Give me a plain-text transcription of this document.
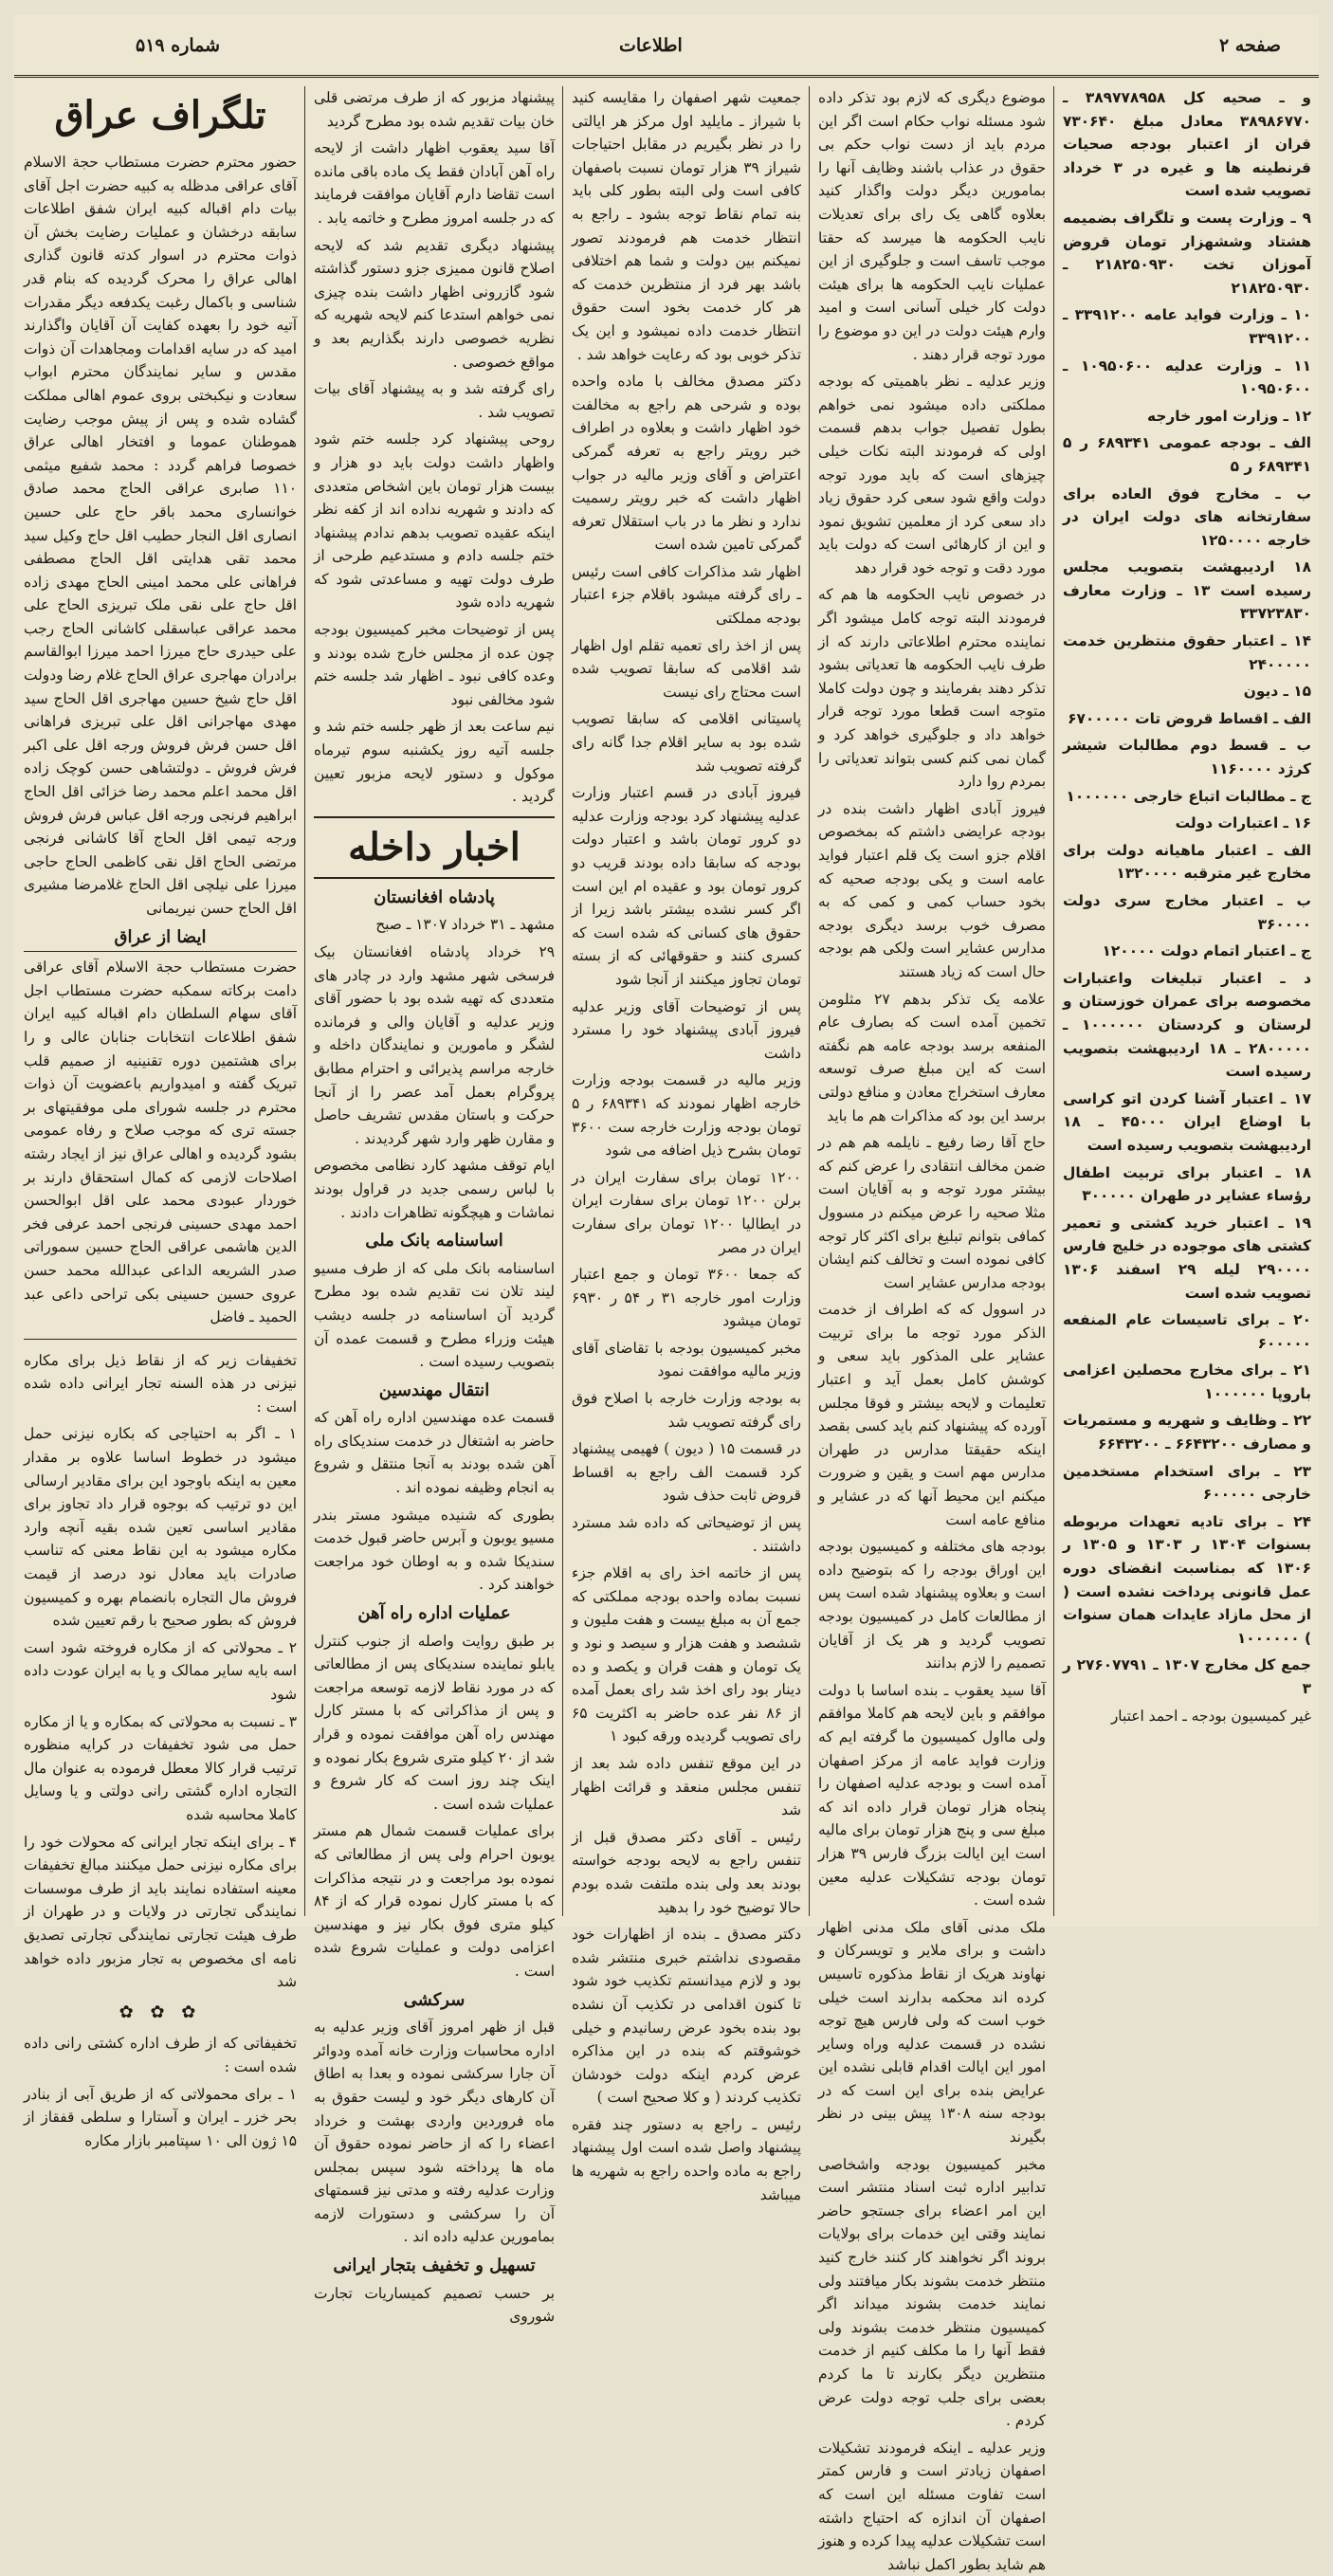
صفحه ۲
اطلاعات
شماره ۵۱۹

و ـ صحیه کل ۳۸۹۷۷۸۹۵۸ ـ ۳۸۹۸۶۷۷۰ معادل مبلغ ۷۳۰۶۴۰ قران از اعتبار بودجه صحیات قرنطینه ها و غیره در ۳ خرداد تصویب شده است

۹ ـ وزارت پست و تلگراف بضمیمه هشتاد وششهزار تومان قروض آموزان تخت ۲۱۸۲۵۰۹۳۰ ـ ۲۱۸۲۵۰۹۳۰

۱۰ ـ وزارت فواید عامه ۳۳۹۱۲۰۰ ـ ۳۳۹۱۲۰۰

۱۱ ـ وزارت عدلیه ۱۰۹۵۰۶۰۰ ـ ۱۰۹۵۰۶۰۰

۱۲ ـ وزارت امور خارجه

الف ـ بودجه عمومی ۶۸۹۳۴۱ ر ۵ ۶۸۹۳۴۱ ر ۵

ب ـ مخارج فوق العاده برای سفارتخانه های دولت ایران در خارجه ۱۲۵۰۰۰۰

۱۸ اردیبهشت بتصویب مجلس رسیده است ۱۳ ـ وزارت معارف ۳۳۷۲۳۸۳۰

۱۴ ـ اعتبار حقوق منتظرین خدمت ۲۴۰۰۰۰۰

۱۵ ـ دیون

الف ـ اقساط قروض تات ۶۷۰۰۰۰۰

ب ـ قسط دوم مطالبات شیشر کرژد ۱۱۶۰۰۰۰

ج ـ مطالبات اتباع خارجی ۱۰۰۰۰۰۰

۱۶ ـ اعتبارات دولت

الف ـ اعتبار ماهیانه دولت برای مخارج غیر مترقبه ۱۳۲۰۰۰۰

ب ـ اعتبار مخارج سری دولت ۳۶۰۰۰۰

ج ـ اعتبار اتمام دولت ۱۲۰۰۰۰

د ـ اعتبار تبلیغات واعتبارات مخصوصه برای عمران خوزستان و لرستان و کردستان ۱۰۰۰۰۰۰ ـ ۲۸۰۰۰۰۰ ـ ۱۸ اردیبهشت بتصویب رسیده است

۱۷ ـ اعتبار آشنا کردن اتو کراسی با اوضاع ایران ۴۵۰۰۰ ـ ۱۸ اردیبهشت بتصویب رسیده است

۱۸ ـ اعتبار برای تربیت اطفال رؤساء عشایر در طهران ۳۰۰۰۰۰

۱۹ ـ اعتبار خرید کشتی و تعمیر کشتی های موجوده در خلیج فارس ۲۹۰۰۰۰ لیله ۲۹ اسفند ۱۳۰۶ تصویب شده است

۲۰ ـ برای تاسیسات عام المنفعه ۶۰۰۰۰۰

۲۱ ـ برای مخارج محصلین اعزامی باروپا ۱۰۰۰۰۰۰

۲۲ ـ وظایف و شهریه و مستمریات و مصارف ۶۶۴۳۲۰۰ ـ ۶۶۴۳۲۰۰

۲۳ ـ برای استخدام مستخدمین خارجی ۶۰۰۰۰۰

۲۴ ـ برای تادیه تعهدات مربوطه بسنوات ۱۳۰۴ ر ۱۳۰۳ و ۱۳۰۵ ر ۱۳۰۶ که بمناسبت انقضای دوره عمل قانونی پرداخت نشده است ( از محل مازاد عایدات همان سنوات ) ۱۰۰۰۰۰۰

جمع کل مخارج ۱۳۰۷ ـ ۲۷۶۰۷۷۹۱ ر ۳

غیر کمیسیون بودجه ـ احمد اعتبار

موضوع دیگری که لازم بود تذکر داده شود مسئله نواب حکام است اگر این مردم باید از دست نواب حکم بی حقوق در عذاب باشند وظایف آنها را بمامورین دیگر دولت واگذار کنید بعلاوه گاهی یک رای برای تعدیلات نایب الحکومه ها میرسد که حقتا موجب تاسف است و جلوگیری از این عملیات نایب الحکومه ها برای هیئت دولت کار خیلی آسانی است و امید وارم هیئت دولت در این دو موضوع را مورد توجه قرار دهند .

وزیر عدلیه ـ نظر باهمیتی که بودجه مملکتی داده میشود نمی خواهم بطول تفصیل جواب بدهم قسمت اولی که فرمودند البته نکات خیلی چیزهای است که باید مورد توجه دولت واقع شود سعی کرد حقوق زیاد داد سعی کرد از معلمین تشویق نمود و این از کارهائی است که دولت باید مورد دقت و توجه خود قرار دهد

در خصوص نایب الحکومه ها هم که فرمودند البته توجه کامل میشود اگر نماینده محترم اطلاعاتی دارند که از طرف نایب الحکومه ها تعدیاتی بشود تذکر دهند بفرمایند و چون دولت کاملا متوجه است قطعا مورد توجه قرار خواهد داد و جلوگیری خواهد کرد و گمان نمی کنم کسی بتواند تعدیاتی را بمردم روا دارد

فیروز آبادی اظهار داشت بنده در بودجه عرایضی داشتم که بمخصوص اقلام جزو است یک قلم اعتبار فواید عامه است و یکی بودجه صحیه که بخود حساب کمی و کمی که به مصرف خوب برسد دیگری بودجه مدارس عشایر است ولکی هم بودجه حال است که زیاد هستند

علامه یک تذکر بدهم ۲۷ مثلومن تخمین آمده است که بصارف عام المنفعه برسد بودجه عامه هم نگفته است که این مبلغ صرف توسعه معارف استخراج معادن و منافع دولتی برسد این بود که مذاکرات هم ما باید

حاج آقا رضا رفیع ـ نایلمه هم هم در ضمن مخالف انتقادی را عرض کنم که بیشتر مورد توجه و به آقایان است مثلا صحیه را عرض میکنم در مسوول کمافی بتوانم تبلیغ برای اکثر کار توجه کافی نموده است و تخالف کنم ایشان بودجه مدارس عشایر است

در اسوول که که اطراف از خدمت الذکر مورد توجه ما برای تربیت عشایر علی المذکور باید سعی و کوشش کامل بعمل آید و اعتبار تعلیمات و لایحه بیشتر و فوقا مجلس آورده که پیشنهاد کنم باید کسی بقصد اینکه حقیقتا مدارس در طهران مدارس مهم است و یقین و ضرورت میکنم این محیط آنها که در عشایر و منافع عامه است

بودجه های مختلفه و کمیسیون بودجه این اوراق بودجه را که بتوضیح داده است و بعلاوه پیشنهاد شده است پس از مطالعات کامل در کمیسیون بودجه تصویب گردید و هر یک از آقایان تصمیم را لازم بدانند

آقا سید یعقوب ـ بنده اساسا با دولت موافقم و باین لایحه هم کاملا موافقم ولی مااول کمیسیون ما گرفته ایم که وزارت فواید عامه از مرکز اصفهان آمده است و بودجه عدلیه اصفهان را پنجاه هزار تومان قرار داده اند که مبلغ سی و پنج هزار تومان برای مالیه است این ایالت بزرگ فارس ۳۹ هزار تومان بودجه تشکیلات عدلیه معین شده است .

ملک مدنی آقای ملک مدنی اظهار داشت و برای ملایر و تویسرکان و نهاوند هریک از نقاط مذکوره تاسیس کرده اند محکمه بدارند است خیلی خوب است که ولی فارس هیچ توجه نشده در قسمت عدلیه وراه وسایر امور این ایالت اقدام قابلی نشده این عرایض بنده برای این است که در بودجه سنه ۱۳۰۸ پیش بینی در نظر بگیرند

مخبر کمیسیون بودجه واشخاصی تدابیر اداره ثبت اسناد منتشر است این امر اعضاء برای جستجو حاضر نمایند وقتی این خدمات برای بولایات بروند اگر نخواهند کار کنند خارج کنید منتظر خدمت بشوند بکار میافتند ولی نمایند خدمت بشوند میداند اگر کمیسیون منتظر خدمت بشوند ولی فقط آنها را ما مکلف کنیم از خدمت منتظرین دیگر بکارند تا ما کردم بعضی برای جلب توجه دولت عرض کردم .

وزیر عدلیه ـ اینکه فرمودند تشکیلات اصفهان زیادتر است و فارس کمتر است تفاوت مسئله این است که اصفهان آن اندازه که احتیاج داشته است تشکیلات عدلیه پیدا کرده و هنوز هم شاید بطور اکمل نباشد

جمعیت شهر اصفهان را مقایسه کنید با شیراز ـ مایلید اول مرکز هر ایالتی را در نظر بگیریم در مقابل احتیاجات شیراز ۳۹ هزار تومان نسبت باصفهان کافی است ولی البته بطور کلی باید بنه تمام نقاط توجه بشود ـ راجع به انتظار خدمت هم فرمودند تصور نمیکنم بین دولت و شما هم اختلافی باشد بهر فرد از منتظرین خدمت که هر کار خدمت بخود است حقوق انتظار خدمت داده نمیشود و این یک تذکر خوبی بود که رعایت خواهد شد .

دکتر مصدق مخالف با ماده واحده بوده و شرحی هم راجع به مخالفت خود اظهار داشت و بعلاوه در اطراف خبر رویتر راجع به تعرفه گمرکی اعتراض و آقای وزیر مالیه در جواب اظهار داشت که خبر رویتر رسمیت ندارد و نظر ما در باب استقلال تعرفه گمرکی تامین شده است

اظهار شد مذاکرات کافی است رئیس ـ رای گرفته میشود باقلام جزء اعتبار بودجه مملکتی

پس از اخذ رای تعمیه تقلم اول اظهار شد اقلامی که سابقا تصویب شده است محتاج رای نیست

پاسیتانی اقلامی که سابقا تصویب شده بود به سایر اقلام جدا گانه رای گرفته تصویب شد

فیروز آبادی در قسم اعتبار وزارت عدلیه پیشنهاد کرد بودجه وزارت عدلیه دو کرور تومان باشد و اعتبار دولت بودجه که سابقا داده بودند قریب دو کرور تومان بود و عقیده ام این است اگر کسر نشده بیشتر باشد زیرا از حقوق های کسانی که شده است که کسری کنند و حقوقهائی که از بسته تومان تجاوز میکنند از آنجا شود

پس از توضیحات آقای وزیر عدلیه فیروز آبادی پیشنهاد خود را مسترد داشت

وزیر مالیه در قسمت بودجه وزارت خارجه اظهار نمودند که ۶۸۹۳۴۱ ر ۵ تومان بودجه وزارت خارجه ست ۳۶۰۰ تومان بشرح ذیل اضافه می شود

۱۲۰۰ تومان برای سفارت ایران در برلن ۱۲۰۰ تومان برای سفارت ایران در ایطالیا ۱۲۰۰ تومان برای سفارت ایران در مصر

که جمعا ۳۶۰۰ تومان و جمع اعتبار وزارت امور خارجه ۳۱ ر ۵۴ ر ۶۹۳۰ تومان میشود

مخبر کمیسیون بودجه با تقاضای آقای وزیر مالیه موافقت نمود

به بودجه وزارت خارجه با اصلاح فوق رای گرفته تصویب شد

در قسمت ۱۵ ( دیون ) فهیمی پیشنهاد کرد قسمت الف راجع به اقساط قروض ثابت حذف شود

پس از توضیحاتی که داده شد مسترد داشتند .

پس از خاتمه اخذ رای به اقلام جزء نسبت بماده واحده بودجه مملکتی که جمع آن به مبلغ بیست و هفت ملیون و ششصد و هفت هزار و سیصد و نود و یک تومان و هفت قران و یکصد و ده دینار بود رای اخذ شد رای بعمل آمده از ۸۶ نفر عده حاضر به اکثریت ۶۵ رای تصویب گردیده ورقه کبود ۱

در این موقع تنفس داده شد بعد از تنفس مجلس منعقد و قرائت اظهار شد

رئیس ـ آقای دکتر مصدق قبل از تنفس راجع به لایحه بودجه خواسته بودند بعد ولی بنده ملتفت شده بودم حالا توضیح خود را بدهید

دکتر مصدق ـ بنده از اظهارات خود مقصودی نداشتم خبری منتشر شده بود و لازم میدانستم تکذیب خود شود تا کنون اقدامی در تکذیب آن نشده بود بنده بخود عرض رسانیدم و خیلی خوشوقتم که بنده در این مذاکره عرض کردم اینکه دولت خودشان تکذیب کردند ( و کلا صحیح است )

رئیس ـ راجع به دستور چند فقره پیشنهاد واصل شده است اول پیشنهاد راجع به ماده واحده راجع به شهریه ها میباشد

پیشنهاد مزبور که از طرف مرتضی قلی خان بیات تقدیم شده بود مطرح گردید

آقا سید یعقوب اظهار داشت از لایحه راه آهن آبادان فقط یک ماده باقی مانده است تقاضا دارم آقایان موافقت فرمایند که در جلسه امروز مطرح و خاتمه یابد .

پیشنهاد دیگری تقدیم شد که لایحه اصلاح قانون ممیزی جزو دستور گذاشته شود گازرونی اظهار داشت بنده چیزی نمی خواهم استدعا کنم لایحه شهریه که نظریه خصوصی دارند بگذاریم بعد و مواقع خصوصی .

رای گرفته شد و به پیشنهاد آقای بیات تصویب شد .

روحی پیشنهاد کرد جلسه ختم شود واظهار داشت دولت باید دو هزار و بیست هزار تومان باین اشخاص متعددی که دادند و شهریه نداده اند از کفه نظر اینکه عقیده تصویب بدهم ندادم پیشنهاد ختم جلسه دادم و مستدعیم طرحی از طرف دولت تهیه و مساعدتی شود که شهریه داده شود

پس از توضیحات مخبر کمیسیون بودجه چون عده از مجلس خارج شده بودند و وعده کافی نبود ـ اظهار شد جلسه ختم شود مخالفی نبود

نیم ساعت بعد از ظهر جلسه ختم شد و جلسه آتیه روز یکشنبه سوم تیرماه موکول و دستور لایحه مزبور تعیین گردید .

اخبار داخله
پادشاه افغانستان

مشهد ـ ۳۱ خرداد ۱۳۰۷ ـ صبح

۲۹ خرداد پادشاه افغانستان بیک فرسخی شهر مشهد وارد در چادر های متعددی که تهیه شده بود با حضور آقای وزیر عدلیه و آقایان والی و فرمانده لشگر و مامورین و نمایندگان داخله و خارجه مراسم پذیرائی و احترام مطابق پروگرام بعمل آمد عصر را از آنجا حرکت و باستان مقدس تشریف حاصل و مقارن ظهر وارد شهر گردیدند .

ایام توقف مشهد کارد نظامی مخصوص با لباس رسمی جدید در قراول بودند نماشات و هیچگونه تظاهرات دادند .

اساسنامه بانک ملی

اساسنامه بانک ملی که از طرف مسیو لیند تلان نت تقدیم شده بود مطرح گردید آن اساسنامه در جلسه دیشب هیئت وزراء مطرح و قسمت عمده آن بتصویب رسیده است .

انتقال مهندسین

قسمت عده مهندسین اداره راه آهن که حاضر به اشتغال در خدمت سندیکای راه آهن شده بودند به آنجا منتقل و شروع به انجام وظیفه نموده اند .

بطوری که شنیده میشود مستر بندر مسیو یوبون و آبرس حاضر قبول خدمت سندیکا شده و به اوطان خود مراجعت خواهند کرد .

عملیات اداره راه آهن

بر طبق روایت واصله از جنوب کنترل یابلو نماینده سندیکای پس از مطالعاتی که در مورد نقاط لازمه توسعه مراجعت و پس از مذاکراتی که با مستر کارل مهندس راه آهن موافقت نموده و قرار شد از ۲۰ کیلو متری شروع بکار نموده و اینک چند روز است که کار شروع و عملیات شده است .

برای عملیات قسمت شمال هم مستر یوبون احرام ولی پس از مطالعاتی که نموده بود مراجعت و در نتیجه مذاکرات که با مستر کارل نموده قرار که از ۸۴ کیلو متری فوق بکار نیز و مهندسین اعزامی دولت و عملیات شروع شده است .

سرکشی

قبل از ظهر امروز آقای وزیر عدلیه به اداره محاسبات وزارت خانه آمده ودوائر آن جارا سرکشی نموده و بعدا به اطاق آن کارهای دیگر خود و لیست حقوق به ماه فروردین واردی بهشت و خرداد اعضاء را که از حاضر نموده حقوق آن ماه ها پرداخته شود سپس بمجلس وزارت عدلیه رفته و مدتی نیز قسمتهای آن را سرکشی و دستورات لازمه بمامورین عدلیه داده اند .

تسهیل و تخفیف بتجار ایرانی

بر حسب تصمیم کمیساریات تجارت شوروی

تلگراف عراق

حضور محترم حضرت مستطاب حجة الاسلام آقای عراقی مدظله به کبیه حضرت اجل آقای بیات دام اقباله کبیه ایران شفق اطلاعات سابقه درخشان و عملیات رضایت بخش آن ذوات محترم در اسوار کدته قانون گذاری اهالی عراق را محرک گردیده که بنام قدر شناسی و باکمال رغبت یکدفعه دیگر مقدرات آتیه خود را بعهده کفایت آن آقایان واگذارند امید که در سایه اقدامات ومجاهدات آن ذوات مقدس و سایر نمایندگان محترم ابواب سعادت و نیکبختی بروی عموم اهالی مملکت گشاده شده و پس از پیش موجب رضایت هموطنان عموما و افتخار اهالی عراق خصوصا فراهم گردد : محمد شفیع میثمی ۱۱۰ صابری عراقی الحاج محمد صادق خوانساری محمد باقر حاج علی حسین انصاری اقل النجار حطیب اقل حاج وکیل سید محمد تقی هدایتی اقل الحاج مصطفی فراهانی علی محمد امینی الحاج مهدی زاده اقل حاج علی نقی ملک تبریزی الحاج علی محمد عراقی عباسقلی کاشانی الحاج رجب علی حیدری حاج میرزا احمد میرزا ابوالقاسم برادران مهاجری عراق الحاج غلام رضا ودولت اقل حاج شیخ حسین مهاجری اقل الحاج سید مهدی مهاجرانی اقل علی تبریزی فراهانی اقل حسن فرش فروش ورجه اقل علی اکبر فرش فروش ـ دولتشاهی حسن کوچک زاده اقل محمد اعلم محمد رضا خزائی اقل الحاج ابراهیم فرنجی ورجه اقل عباس فرش فروش ورجه تیمی اقل الحاج آقا کاشانی فرنجی مرتضی الحاج اقل نقی کاظمی الحاج حاجی میرزا علی نیلچی اقل الحاج غلامرضا مشیری اقل الحاج حسن نیریمانی

ایضا از عراق

حضرت مستطاب حجة الاسلام آقای عراقی دامت برکاته سمکبه حضرت مستطاب اجل آقای سهام السلطان دام اقباله کبیه ایران شفق اطلاعات انتخابات جنابان عالی و را برای هشتمین دوره تقنینیه از صمیم قلب تبریک گفته و امیدواریم باعضویت آن ذوات محترم در جلسه شورای ملی موفقیتهای بر جسته تری که موجب صلاح و رفاه عمومی بشود گردیده و اهالی عراق نیز از ایجاد رشته اصلاحات لازمی که کمال استحقاق دارند بر خوردار عبودی محمد علی اقل ابوالحسن احمد مهدی حسینی فرنجی احمد عرفی فخر الدین هاشمی عراقی الحاج حسین سموراتی صدر الشریعه الداعی عبدالله محمد حسن عروی حسین حسینی بکی تراحی داعی عبد الحمید ـ فاضل

تخفیفات زیر که از نقاط ذیل برای مکاره نیزنی در هذه السنه تجار ایرانی داده شده است :

۱ ـ اگر به احتیاجی که بکاره نیزنی حمل میشود در خطوط اساسا علاوه بر مقدار معین به اینکه باوجود این برای مقادیر ارسالی این دو ترتیب که بوجوه قرار داد تجاوز برای مقادیر اساسی تعین شده بقیه آنچه وارد مکاره میشود به این نقاط معنی که تناسب صادرات باید معادل نود درصد از قیمت فروش مال التجاره بانضمام بهره و کمیسیون فروش که بطور صحیح با رقم تعیین شده

۲ ـ محولاتی که از مکاره فروخته شود است اسه بایه سایر ممالک و یا به ایران عودت داده شود

۳ ـ نسبت به محولاتی که بمکاره و یا از مکاره حمل می شود تخفیفات در کرایه منظوره ترتیب قرار کالا معطل فرموده به عنوان مال التجاره اداره گشتی رانی دولتی و یا وسایل کاملا محاسبه شده

۴ ـ برای اینکه تجار ایرانی که محولات خود را برای مکاره نیزنی حمل میکنند مبالغ تخفیفات معینه استفاده نمایند باید از طرف موسسات نمایندگی تجارتی در ولایات و در طهران از طرف هیئت تجارتی نمایندگی تجارتی تصدیق نامه ای مخصوص به تجار مزبور داده خواهد شد

✿ ✿ ✿

تخفیفاتی که از طرف اداره کشتی رانی داده شده است :

۱ ـ برای محمولاتی که از طریق آبی از بنادر بحر خزر ـ ایران و آستارا و سلطی قفقاز از ۱۵ ژون الی ۱۰ سپتامبر بازار مکاره
